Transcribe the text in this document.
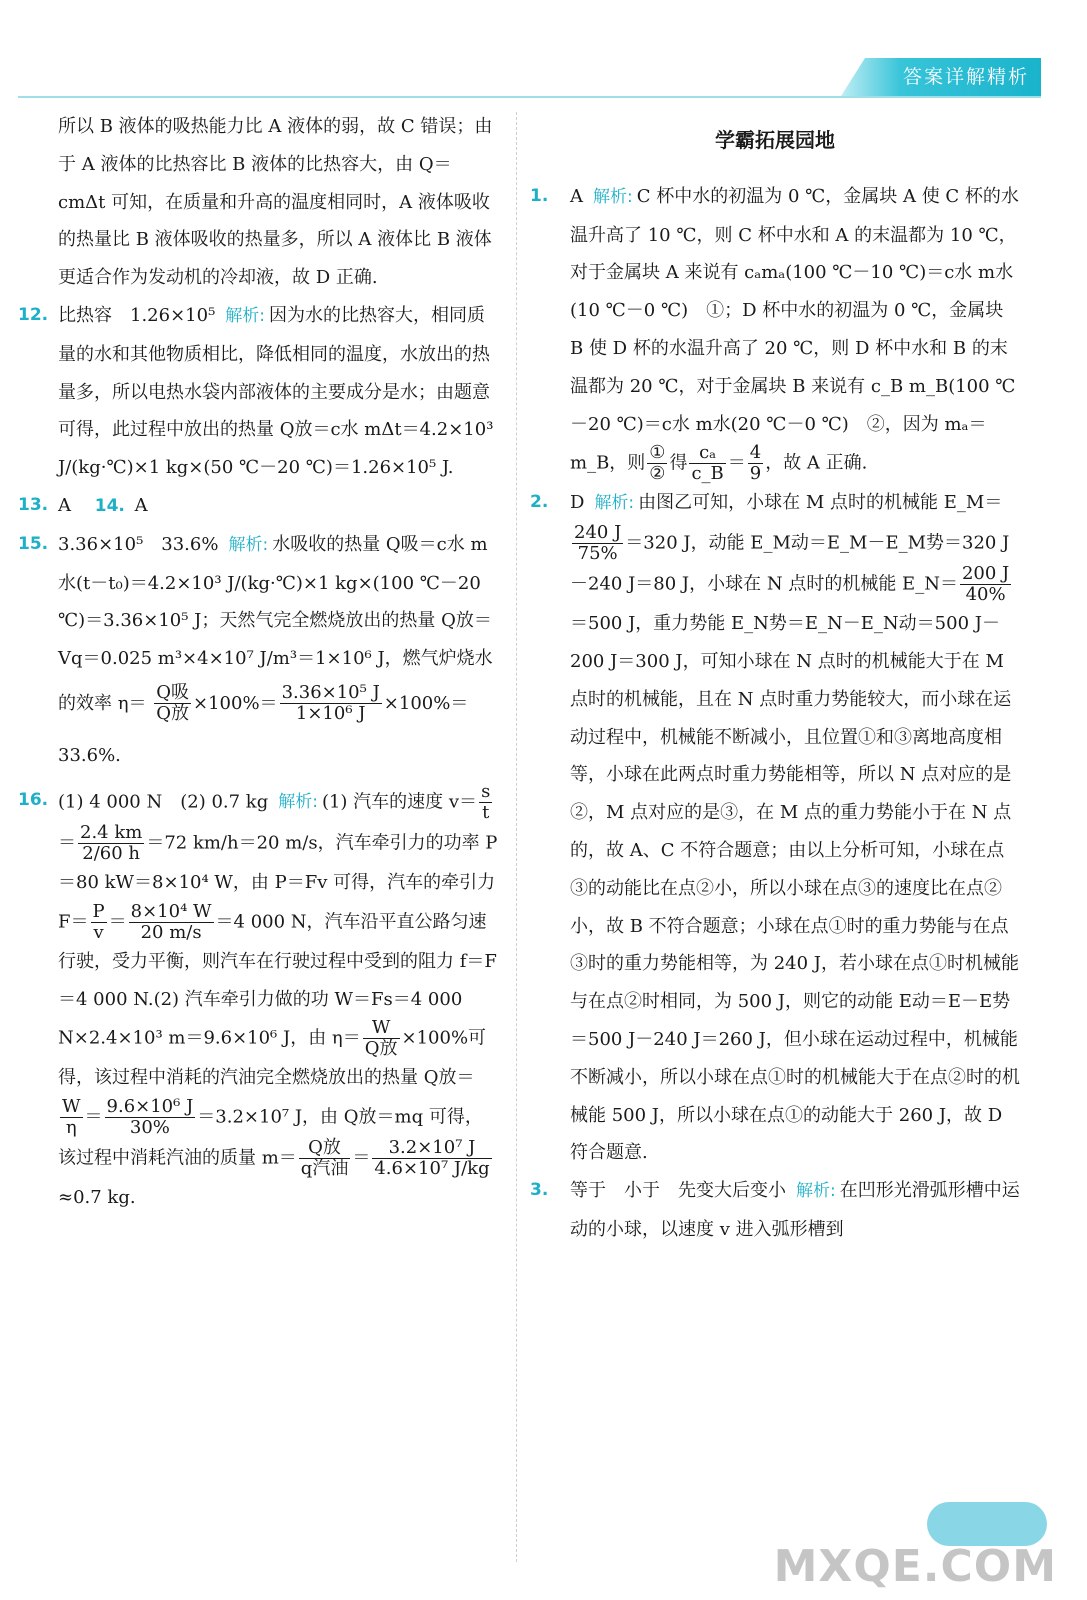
答案详解精析

所以 B 液体的吸热能力比 A 液体的弱，故 C 错误；由于 A 液体的比热容比 B 液体的比热容大，由 Q＝cmΔt 可知，在质量和升高的温度相同时，A 液体吸收的热量比 B 液体吸收的热量多，所以 A 液体比 B 液体更适合作为发动机的冷却液，故 D 正确.

12. 比热容　1.26×10⁵ 解析: 因为水的比热容大，相同质量的水和其他物质相比，降低相同的温度，水放出的热量多，所以电热水袋内部液体的主要成分是水；由题意可得，此过程中放出的热量 Q放＝c水 mΔt＝4.2×10³ J/(kg·℃)×1 kg×(50 ℃－20 ℃)＝1.26×10⁵ J.
13. A 14. A
15. 3.36×10⁵　33.6% 解析: 水吸收的热量 Q吸＝c水 m水(t－t₀)＝4.2×10³ J/(kg·℃)×1 kg×(100 ℃－20 ℃)＝3.36×10⁵ J；天然气完全燃烧放出的热量 Q放＝Vq＝0.025 m³×4×10⁷ J/m³＝1×10⁶ J，燃气炉烧水的效率 $\eta= \frac{\text{Q吸}}{\text{Q放}} \times 100\%= \frac{\text{3.36×10⁵ J}}{\text{1×10⁶ J}} \times 100\%=33.6\%$.
16. (1) 4 000 N　(2) 0.7 kg 解析: (1) 汽车的速度 $v= \frac{s}{t}$
＝ $\frac{2.4 km}{2/60 h} =72$ km/h＝20 m/s，汽车牵引力的功率 P＝80 kW＝8×10⁴ W，由 P＝Fv 可得，汽车的牵引力 $F= \frac{P}{v} = \frac{\text{8×10⁴ W}}{20 m/s} =4$ 000 N，汽车沿平直公路匀速行驶，受力平衡，则汽车在行驶过程中受到的阻力 f＝F＝4 000 N.(2) 汽车牵引力做的功 W＝Fs＝4 000 N×2.4×10³ m＝9.6×10⁶ J，由 $\eta= \frac{W}{\text{Q放}} \times 100\%$可得，该过程中消耗的汽油完全燃烧放出的热量 Q放＝
$\frac{W}{\eta} = \frac{\text{9.6×10⁶ J}}{30\%} =3.2\times 10^7$ J，由 Q放＝mq 可得，该过程中消耗汽油的质量 $m= \frac{\text{Q放}}{\text{q汽油}} = \frac{\text{3.2×10⁷ J}}{\text{4.6×10⁷ J/kg}}$
≈0.7 kg.
学霸拓展园地
1. A 解析: C 杯中水的初温为 0 ℃，金属块 A 使 C 杯的水温升高了 10 ℃，则 C 杯中水和 A 的末温都为 10 ℃，对于金属块 A 来说有 cₐmₐ(100 ℃－10 ℃)＝c水 m水(10 ℃－0 ℃)　①；D 杯中水的初温为 0 ℃，金属块 B 使 D 杯的水温升高了 20 ℃，则 D 杯中水和 B 的末温都为 20 ℃，对于金属块 B 来说有 c_B m_B(100 ℃－20 ℃)＝c水 m水(20 ℃－0 ℃)　②，因为 mₐ＝m_B，则 $\frac{\text{①}}{\text{②}}$ 得 $\frac{\text{cₐ}}{c\_B} = \frac{4}{9}$ ，故 A 正确.
2. D 解析: 由图乙可知，小球在 M 点时的机械能 E_M＝
$\frac{240 J}{75\%} =320$ J，动能 E_M动＝E_M－E_M势＝320 J－240 J＝80 J，小球在 N 点时的机械能 E_N＝ $\frac{200 J}{40\%}$
＝500 J，重力势能 E_N势＝E_N－E_N动＝500 J－200 J＝300 J，可知小球在 N 点时的机械能大于在 M 点时的机械能，且在 N 点时重力势能较大，而小球在运动过程中，机械能不断减小，且位置①和③离地高度相等，小球在此两点时重力势能相等，所以 N 点对应的是②，M 点对应的是③，在 M 点的重力势能小于在 N 点的，故 A、C 不符合题意；由以上分析可知，小球在点③的动能比在点②小，所以小球在点③的速度比在点②小，故 B 不符合题意；小球在点①时的重力势能与在点③时的重力势能相等，为 240 J，若小球在点①时机械能与在点②时相同，为 500 J，则它的动能 E动＝E－E势＝500 J－240 J＝260 J，但小球在运动过程中，机械能不断减小，所以小球在点①时的机械能大于在点②时的机械能 500 J，所以小球在点①的动能大于 260 J，故 D 符合题意.
3. 等于　小于　先变大后变小 解析: 在凹形光滑弧形槽中运动的小球，以速度 v 进入弧形槽到
MXQE.COM
